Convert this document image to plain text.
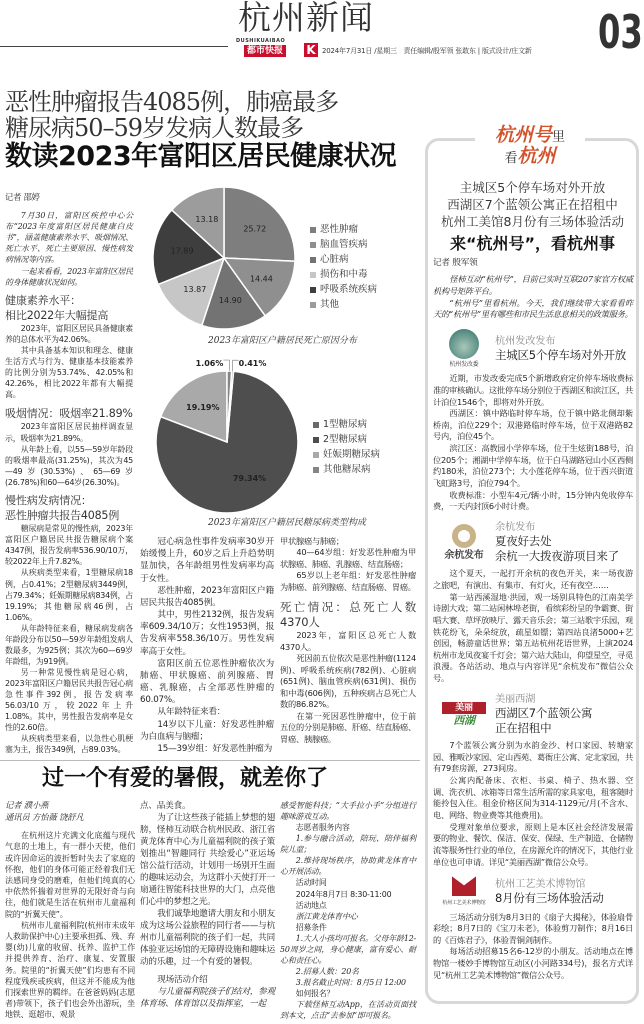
杭州新闻
DUSHIKUAIBAO
都市快报 K 2024年7月31日 /星期三　责任编辑/殷军领 张敢东 | 版式设计/庄文新 03
恶性肿瘤报告4085例，肺癌最多
糖尿病50–59岁发病人数最多
数读2023年富阳区居民健康状况
记者 邵婷

7月30日，富阳区疾控中心公布“2023年度富阳区居民健康白皮书”，涵盖健康素养水平、吸烟情况、死亡水平、死亡主要原因、慢性病发病情况等内容。

一起来看看，2023年富阳区居民的身体健康状况如何。

健康素养水平：

相比2022年大幅提高

2023年，富阳区居民具备健康素养的总体水平为42.06%。

其中具备基本知识和理念、健康生活方式与行为、健康基本技能素养的比例分别为53.74%、42.05%和42.26%，相比2022年都有大幅提高。

吸烟情况：吸烟率21.89%

2023年富阳区居民抽样调查显示，吸烟率为21.89%。

从年龄上看，以55—59岁年龄段的吸烟率最高(31.25%)，其次为45—49岁(30.53%)、65—69岁(26.78%)和60—64岁(26.30%)。

慢性病发病情况：

恶性肿瘤共报告4085例

糖尿病是常见的慢性病，2023年富阳区户籍居民共报告糖尿病个案4347例，报告发病率536.90/10万，较2022年上升7.82%。

从疾病类型来看，1型糖尿病18例，占0.41%；2型糖尿病3449例，占79.34%；妊娠期糖尿病834例，占19.19%；其他糖尿病46例，占1.06%。

从年龄特征来看，糖尿病发病各年龄段分布以50—59岁年龄组发病人数最多，为925例；其次为60—69岁年龄组，为919例。

另一种常见慢性病是冠心病，2023年富阳区户籍居民共报告冠心病急性事件392例，报告发病率56.03/10万，较2022年上升1.08%。其中，男性报告发病率是女性的2.60倍。

从疾病类型来看，以急性心肌梗塞为主，报告349例，占89.03%。

25.72
14.44
14.90
13.87
17.89
13.18
恶性肿瘤
脑血管疾病
心脏病
损伤和中毒
呼吸系统疾病
其他
2023年富阳区户籍居民死亡原因分布
79.34%
19.19%
1.06% 0.41%
1型糖尿病
2型糖尿病
妊娠期糖尿病
其他糖尿病
2023年富阳区户籍居民糖尿病类型构成

冠心病急性事件发病率30岁开始缓慢上升，60岁之后上升趋势明显加快，各年龄组男性发病率均高于女性。

恶性肿瘤，2023年富阳区户籍居民共报告4085例。

其中，男性2132例，报告发病率609.34/10万；女性1953例，报告发病率558.36/10万。男性发病率高于女性。

富阳区前五位恶性肿瘤依次为肺癌、甲状腺癌、前列腺癌、胃癌、乳腺癌，占全部恶性肿瘤的60.07%。

从年龄特征来看：

14岁以下儿童：好发恶性肿瘤为白血病与脑瘤；

15—39岁组：好发恶性肿瘤为

甲状腺癌与肺癌；

40—64岁组：好发恶性肿瘤为甲状腺癌、肺癌、乳腺癌、结直肠癌；

65岁以上老年组：好发恶性肿瘤为肺癌、前列腺癌、结直肠癌、胃癌。

死亡情况：总死亡人数4370人

2023年，富阳区总死亡人数4370人。

死因前五位依次是恶性肿瘤(1124例)、呼吸系统疾病(782例)、心脏病(651例)、脑血管疾病(631例)、损伤和中毒(606例)，五种疾病占总死亡人数的86.82%。

在第一死因恶性肿瘤中，位于前五位的分别是肺癌、肝癌、结直肠癌、胃癌、胰腺癌。

过一个有爱的暑假，就差你了
记者 濮小燕
通讯员 方怡薇 饶舒凡

在杭州这片充满文化底蕴与现代气息的土地上，有一群小天使，他们或许因命运的波折暂时失去了家庭的怀抱，他们的身体可能正经着我们无法感同身受的磨难，但他们纯真的心中依然怀揣着对世界的无限好奇与向往，他们就是生活在杭州市儿童福利院的“折翼天使”。

杭州市儿童福利院(杭州市未成年人救助保护中心)主要承担孤、残、弃婴(幼)儿童的收留、抚养、监护工作并提供养育、治疗、康复、安置服务。院里的“折翼天使”们均患有不同程度残疾或疾病，但这并不能成为他们探索世界的羁绊。在爸爸妈妈(志愿者)带领下，孩子们也会外出游玩，坐地铁、逛超市、观景

点、品美食。

为了让这些孩子能插上梦想的翅膀，怪柿互动联合杭州民政、浙江省黄龙体育中心为儿童福利院的孩子策划推出“智趣同行 共绘爱心”亚运场馆公益行活动，计划用一场别开生面的趣味运动会，为这群小天使打开一扇通往智能科技世界的大门，点亮他们心中的梦想之光。

我们诚挚地邀请大朋友和小朋友成为这场公益旅程的同行者——与杭州市儿童福利院的孩子们一起，共同体验亚运场馆的无障碍设施和趣味运动的乐趣，过一个有爱的暑假。

现场活动介绍

与儿童福利院孩子们结对，参观体育场、体育馆以及指挥室，一起

感受智能科技；“大手拉小手”分组进行趣味游戏互动。

志愿者服务内容

1.参与融合活动，陪玩、陪伴福利院儿童；

2.维持现场秩序，协助黄龙体育中心开展活动。

活动时间

2024年8月7日 8:30-11:00

活动地点

浙江黄龙体育中心

招募条件

1.大人小孩均可报名。父母年龄12-50周岁之间，身心健康，富有爱心、耐心和责任心。

2.招募人数：20名

3.报名截止时间：8月5日 12:00

如何报名？

下载怪柿互动App，在活动页面找到本文，点击“去参加”即可报名。

杭州号里
看杭州
主城区5个停车场对外开放
西湖区7个蓝领公寓正在招租中
杭州工美馆8月份有三场体验活动
来“杭州号”，看杭州事
记者 殷军领

怪柿互动“杭州号”，目前已实时互联207家官方权威机构号矩阵平台。

“杭州号”里看杭州。今天，我们继续带大家看看昨天的“杭州号”里有哪些和市民生活息息相关的政策服务。

杭州发改委
杭州发改发布
主城区5个停车场对外开放

近期，市发改委完成5个新增政府定价停车场收费标准的审核确认。这批停车场分别位于西湖区和滨江区，共计泊位1546个，即将对外开放。

西湖区：镇中路临时停车场，位于镇中路北侧却紫桥南，泊位229个；双港路临时停车场，位于双港路82号内，泊位45个。

滨江区：高教园小学停车场，位于生炫街188号，泊位205个；湘湖中学停车场，位于白马湖路冠山小区西侧约180米，泊位273个；大小莲花停车场，位于西兴街道飞虹路3号，泊位794个。

收费标准：小型车4元/辆·小时，15分钟内免收停车费，一天内封顶6小时计费。

余杭发布
余杭发布
夏夜好去处
余杭一大拨夜游项目来了

这个夏天，一起打开余杭的夜色开关，来一场夜游之旅吧，有演出、有集市、有灯火，还有夜空……

第一站西溪湿地·洪园，观一场别具特色的江南美学诗剧大戏；第二站闲林埠老街，看缤彩纷呈的争霸赛、街唱大赛、草坪放映厅、露天音乐会；第三站歌宇乐园，观铁花纷飞，朵朵绽放，疏星如镖；第四站良渚5000+艺创园，畅游童话世界；第五站杭州花语世界，上演2024杭州市龙凤夜宴千灯会；第六站大陆山，仰望星空，寻觅浪漫。各站活动、地点与内容详见“余杭发布”微信公众号。

美丽
西湖
美丽西湖
西湖区7个蓝领公寓
正在招租中

7个蓝领公寓分别为水韵金沙、村口家园、转塘家园、雅畈沙家园、定山西苑、葛衙庄公寓、定北家园，共有79套房源，273间房。

公寓内配备床、衣柜、书桌、椅子、热水器、空调、洗衣机、冰箱等日常生活所需的家具家电，租客随时能拎包入住。租金价格区间为314-1129元/月(不含水、电、网络、物业费等其他费用)。

受理对象单位要求，原则上是本区社会经济发展需要的物业、餐饮、保洁、保安、保绿、生产制造、仓储物流等服务性行业的单位，在房源允许的情况下，其他行业单位也可申请。详见“美丽西湖”微信公众号。

杭州工艺美术博物馆
杭州工艺美术博物馆
8月份有三场体验活动

三场活动分别为8月3日的《扇子大揭秘》，体验扇骨彩绘；8月7日的《宝刀未老》，体验剪刀制作；8月16日的《百炼君子》，体验青铜剑制作。

每场活动招募15名6-12岁的小朋友。活动地点在博物馆一楼妙手博物馆互动区(小河路334号)，报名方式详见“杭州工艺美术博物馆”微信公众号。
